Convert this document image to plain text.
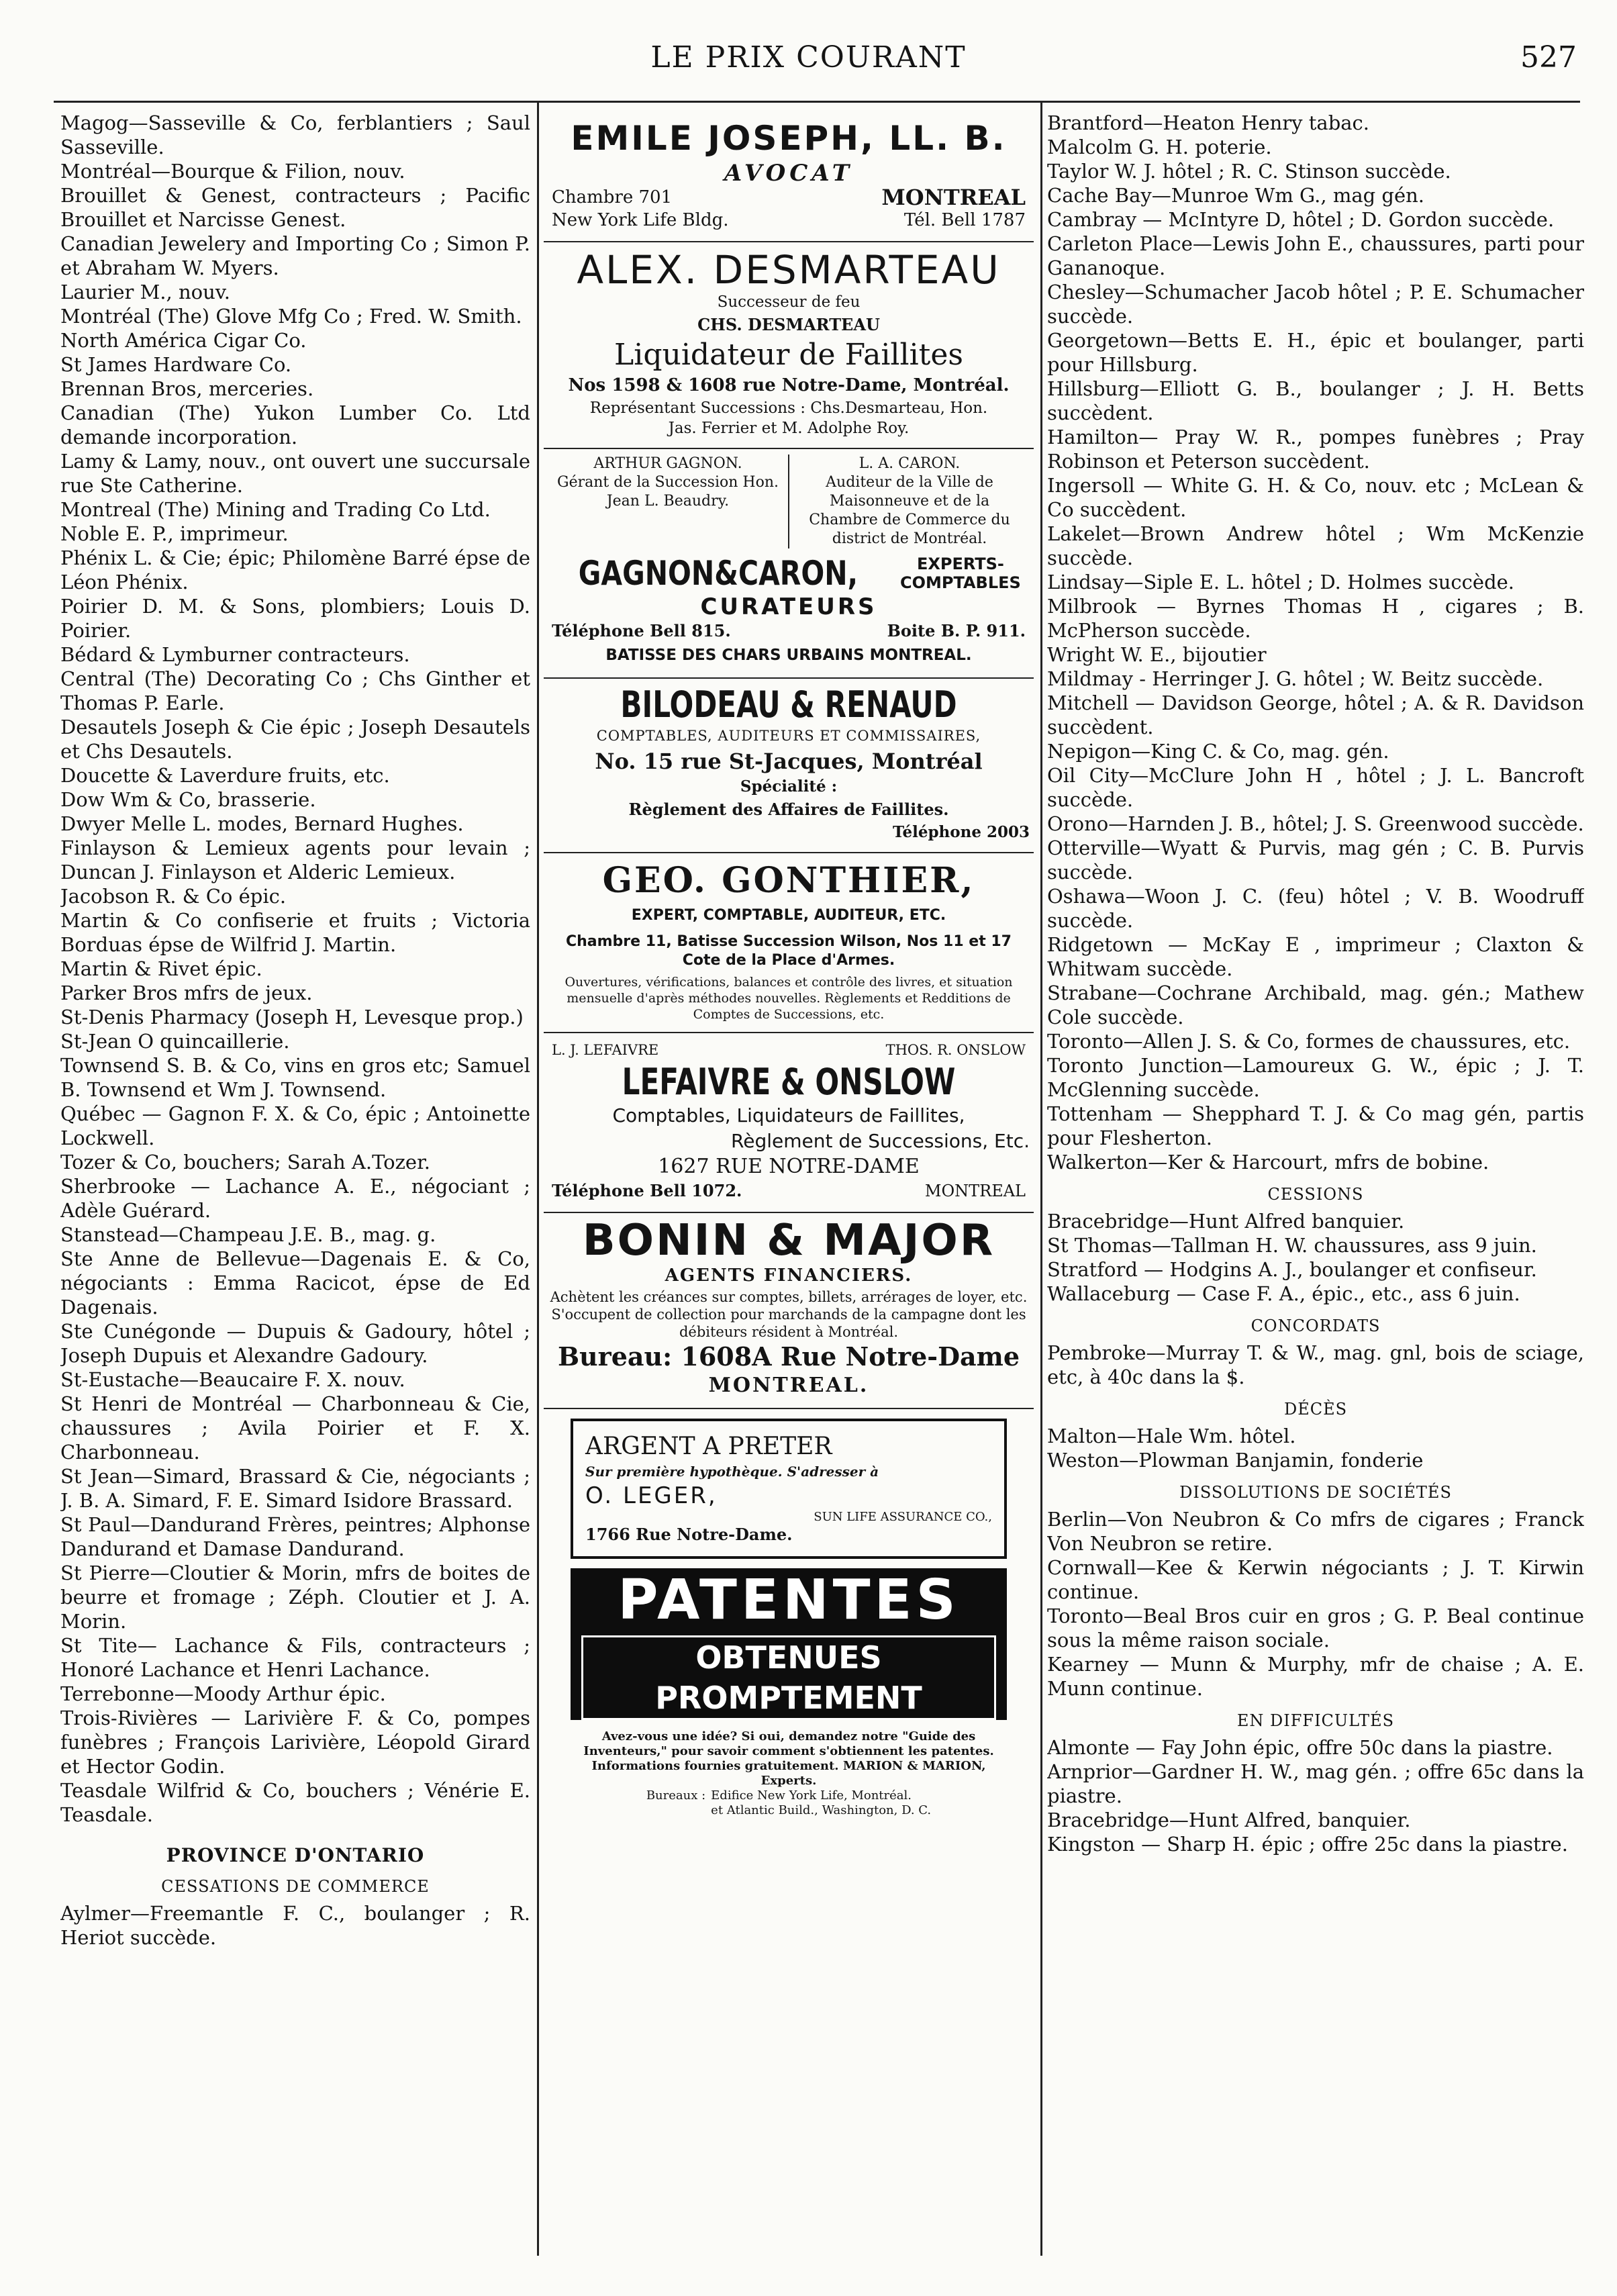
LE PRIX COURANT	527

Magog—Sasseville & Co, ferblantiers ; Saul Sasseville.

Montréal—Bourque & Filion, nouv.

Brouillet & Genest, contracteurs ; Pacific Brouillet et Narcisse Genest.

Canadian Jewelery and Importing Co ; Simon P. et Abraham W. Myers.

Laurier M., nouv.

Montréal (The) Glove Mfg Co ; Fred. W. Smith.

North América Cigar Co.

St James Hardware Co.

Brennan Bros, merceries.

Canadian (The) Yukon Lumber Co. Ltd demande incorporation.

Lamy & Lamy, nouv., ont ouvert une succursale rue Ste Catherine.

Montreal (The) Mining and Trading Co Ltd.

Noble E. P., imprimeur.

Phénix L. & Cie; épic; Philomène Barré épse de Léon Phénix.

Poirier D. M. & Sons, plombiers; Louis D. Poirier.

Bédard & Lymburner contracteurs.

Central (The) Decorating Co ; Chs Ginther et Thomas P. Earle.

Desautels Joseph & Cie épic ; Joseph Desautels et Chs Desautels.

Doucette & Laverdure fruits, etc.

Dow Wm & Co, brasserie.

Dwyer Melle L. modes, Bernard Hughes.

Finlayson & Lemieux agents pour levain ; Duncan J. Finlayson et Alderic Lemieux.

Jacobson R. & Co épic.

Martin & Co confiserie et fruits ; Victoria Borduas épse de Wilfrid J. Martin.

Martin & Rivet épic.

Parker Bros mfrs de jeux.

St-Denis Pharmacy (Joseph H, Levesque prop.)

St-Jean O quincaillerie.

Townsend S. B. & Co, vins en gros etc; Samuel B. Townsend et Wm J. Townsend.

Québec — Gagnon F. X. & Co, épic ; Antoinette Lockwell.

Tozer & Co, bouchers; Sarah A.Tozer.

Sherbrooke — Lachance A. E., négociant ; Adèle Guérard.

Stanstead—Champeau J.E. B., mag. g.

Ste Anne de Bellevue—Dagenais E. & Co, négociants : Emma Racicot, épse de Ed Dagenais.

Ste Cunégonde — Dupuis & Gadoury, hôtel ; Joseph Dupuis et Alexandre Gadoury.

St-Eustache—Beaucaire F. X. nouv.

St Henri de Montréal — Charbonneau & Cie, chaussures ; Avila Poirier et F. X. Charbonneau.

St Jean—Simard, Brassard & Cie, négociants ; J. B. A. Simard, F. E. Simard Isidore Brassard.

St Paul—Dandurand Frères, peintres; Alphonse Dandurand et Damase Dandurand.

St Pierre—Cloutier & Morin, mfrs de boites de beurre et fromage ; Zéph. Cloutier et J. A. Morin.

St Tite— Lachance & Fils, contracteurs ; Honoré Lachance et Henri Lachance.

Terrebonne—Moody Arthur épic.

Trois-Rivières — Larivière F. & Co, pompes funèbres ; François Larivière, Léopold Girard et Hector Godin.

Teasdale Wilfrid & Co, bouchers ; Vénérie E. Teasdale.

PROVINCE D'ONTARIO
CESSATIONS DE COMMERCE

Aylmer—Freemantle F. C., boulanger ; R. Heriot succède.

EMILE JOSEPH, LL. B.
AVOCAT
Chambre 701	MONTREAL
New York Life Bldg.	Tél. Bell 1787
ALEX. DESMARTEAU
Successeur de feu
CHS. DESMARTEAU
Liquidateur de Faillites
Nos 1598 & 1608 rue Notre-Dame, Montréal.
Représentant Successions : Chs.Desmarteau, Hon.
Jas. Ferrier et M. Adolphe Roy.
ARTHUR GAGNON.
Gérant de la Succession Hon. Jean L. Beaudry.
L. A. CARON.
Auditeur de la Ville de Maisonneuve et de la Chambre de Commerce du district de Montréal.
GAGNON&CARON,	EXPERTS-COMPTABLES
CURATEURS
Téléphone Bell 815.	Boite B. P. 911.
BATISSE DES CHARS URBAINS MONTREAL.
BILODEAU & RENAUD
COMPTABLES, AUDITEURS ET COMMISSAIRES,
No. 15 rue St-Jacques, Montréal
Spécialité :
Règlement des Affaires de Faillites.
Téléphone 2003
GEO. GONTHIER,
EXPERT, COMPTABLE, AUDITEUR, ETC.
Chambre 11, Batisse Succession Wilson, Nos 11 et 17 Cote de la Place d'Armes.
Ouvertures, vérifications, balances et contrôle des livres, et situation mensuelle d'après méthodes nouvelles. Règlements et Redditions de Comptes de Successions, etc.
L. J. LEFAIVRE	THOS. R. ONSLOW
LEFAIVRE & ONSLOW
Comptables, Liquidateurs de Faillites,
Règlement de Successions, Etc.
1627 RUE NOTRE-DAME
Téléphone Bell 1072.	MONTREAL
BONIN & MAJOR
AGENTS FINANCIERS.
Achètent les créances sur comptes, billets, arrérages de loyer, etc. S'occupent de collection pour marchands de la campagne dont les débiteurs résident à Montréal.
Bureau: 1608A Rue Notre-Dame
MONTREAL.
ARGENT A PRETER
Sur première hypothèque. S'adresser à
O. LEGER,
SUN LIFE ASSURANCE CO.,
1766 Rue Notre-Dame.
PATENTES
OBTENUES PROMPTEMENT
Avez-vous une idée? Si oui, demandez notre "Guide des Inventeurs," pour savoir comment s'obtiennent les patentes. Informations fournies gratuitement. MARION & MARION, Experts.
Bureaux : Edifice New York Life, Montréal.
et Atlantic Build., Washington, D. C.

Brantford—Heaton Henry tabac.

Malcolm G. H. poterie.

Taylor W. J. hôtel ; R. C. Stinson succède.

Cache Bay—Munroe Wm G., mag gén.

Cambray — McIntyre D, hôtel ; D. Gordon succède.

Carleton Place—Lewis John E., chaussures, parti pour Gananoque.

Chesley—Schumacher Jacob hôtel ; P. E. Schumacher succède.

Georgetown—Betts E. H., épic et boulanger, parti pour Hillsburg.

Hillsburg—Elliott G. B., boulanger ; J. H. Betts succèdent.

Hamilton— Pray W. R., pompes funèbres ; Pray Robinson et Peterson succèdent.

Ingersoll — White G. H. & Co, nouv. etc ; McLean & Co succèdent.

Lakelet—Brown Andrew hôtel ; Wm McKenzie succède.

Lindsay—Siple E. L. hôtel ; D. Holmes succède.

Milbrook — Byrnes Thomas H , cigares ; B. McPherson succède.

Wright W. E., bijoutier

Mildmay - Herringer J. G. hôtel ; W. Beitz succède.

Mitchell — Davidson George, hôtel ; A. & R. Davidson succèdent.

Nepigon—King C. & Co, mag. gén.

Oil City—McClure John H , hôtel ; J. L. Bancroft succède.

Orono—Harnden J. B., hôtel; J. S. Greenwood succède.

Otterville—Wyatt & Purvis, mag gén ; C. B. Purvis succède.

Oshawa—Woon J. C. (feu) hôtel ; V. B. Woodruff succède.

Ridgetown — McKay E , imprimeur ; Claxton & Whitwam succède.

Strabane—Cochrane Archibald, mag. gén.; Mathew Cole succède.

Toronto—Allen J. S. & Co, formes de chaussures, etc.

Toronto Junction—Lamoureux G. W., épic ; J. T. McGlenning succède.

Tottenham — Shepphard T. J. & Co mag gén, partis pour Flesherton.

Walkerton—Ker & Harcourt, mfrs de bobine.

CESSIONS

Bracebridge—Hunt Alfred banquier.

St Thomas—Tallman H. W. chaussures, ass 9 juin.

Stratford — Hodgins A. J., boulanger et confiseur.

Wallaceburg — Case F. A., épic., etc., ass 6 juin.

CONCORDATS

Pembroke—Murray T. & W., mag. gnl, bois de sciage, etc, à 40c dans la $.

DÉCÈS

Malton—Hale Wm. hôtel.

Weston—Plowman Banjamin, fonderie

DISSOLUTIONS DE SOCIÉTÉS

Berlin—Von Neubron & Co mfrs de cigares ; Franck Von Neubron se retire.

Cornwall—Kee & Kerwin négociants ; J. T. Kirwin continue.

Toronto—Beal Bros cuir en gros ; G. P. Beal continue sous la même raison sociale.

Kearney — Munn & Murphy, mfr de chaise ; A. E. Munn continue.

EN DIFFICULTÉS

Almonte — Fay John épic, offre 50c dans la piastre.

Arnprior—Gardner H. W., mag gén. ; offre 65c dans la piastre.

Bracebridge—Hunt Alfred, banquier.

Kingston — Sharp H. épic ; offre 25c dans la piastre.
